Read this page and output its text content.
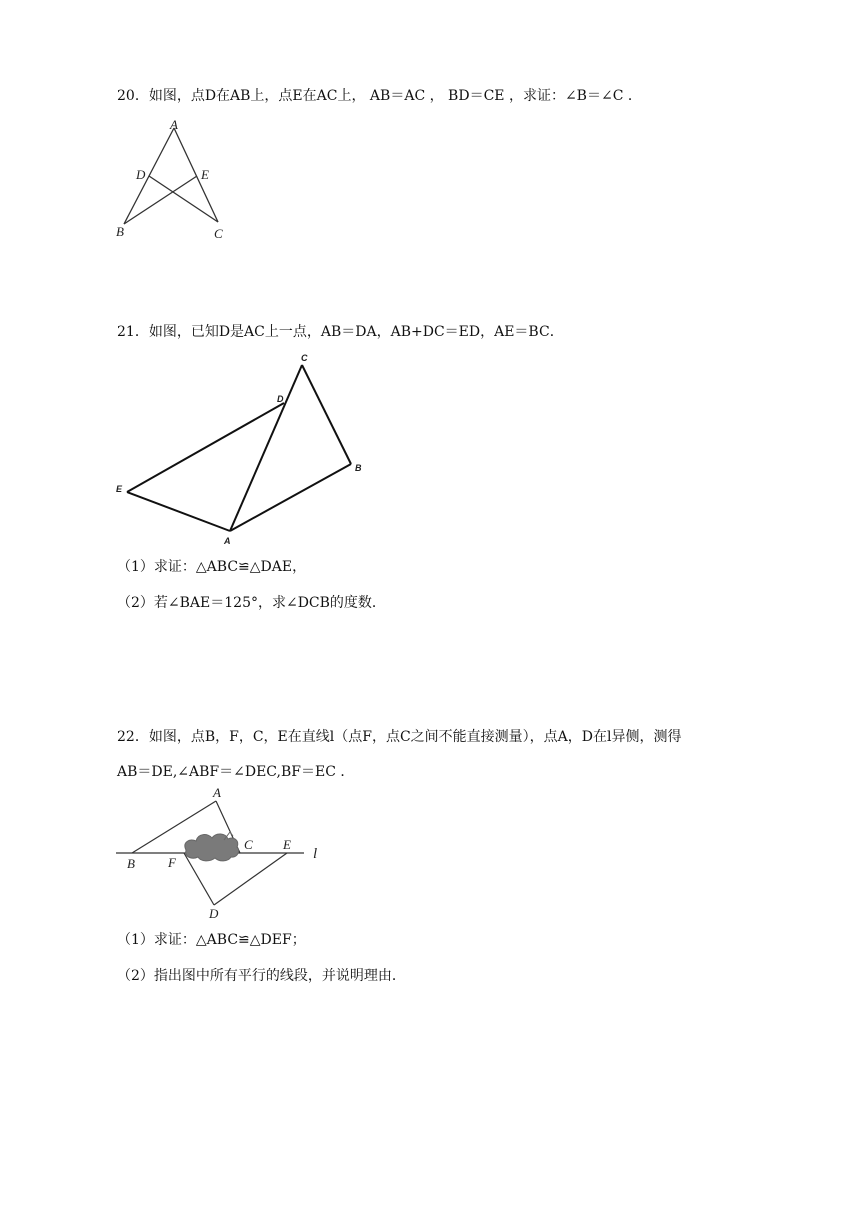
20．如图，点D在AB上，点E在AC上， AB＝AC ， BD＝CE ，求证：∠B＝∠C ．
A
D	E
B	C
21．如图，已知D是AC上一点，AB＝DA，AB+DC＝ED，AE＝BC．
C
D
B
E
A
（1）求证：△ABC≌△DAE，
（2）若∠BAE＝125°，求∠DCB的度数．
22．如图，点B，F，C，E在直线l（点F，点C之间不能直接测量），点A，D在l异侧，测得
AB＝DE,∠ABF＝∠DEC,BF＝EC ．
A
C E
l
B	F
D
（1）求证：△ABC≌△DEF；
（2）指出图中所有平行的线段，并说明理由．
